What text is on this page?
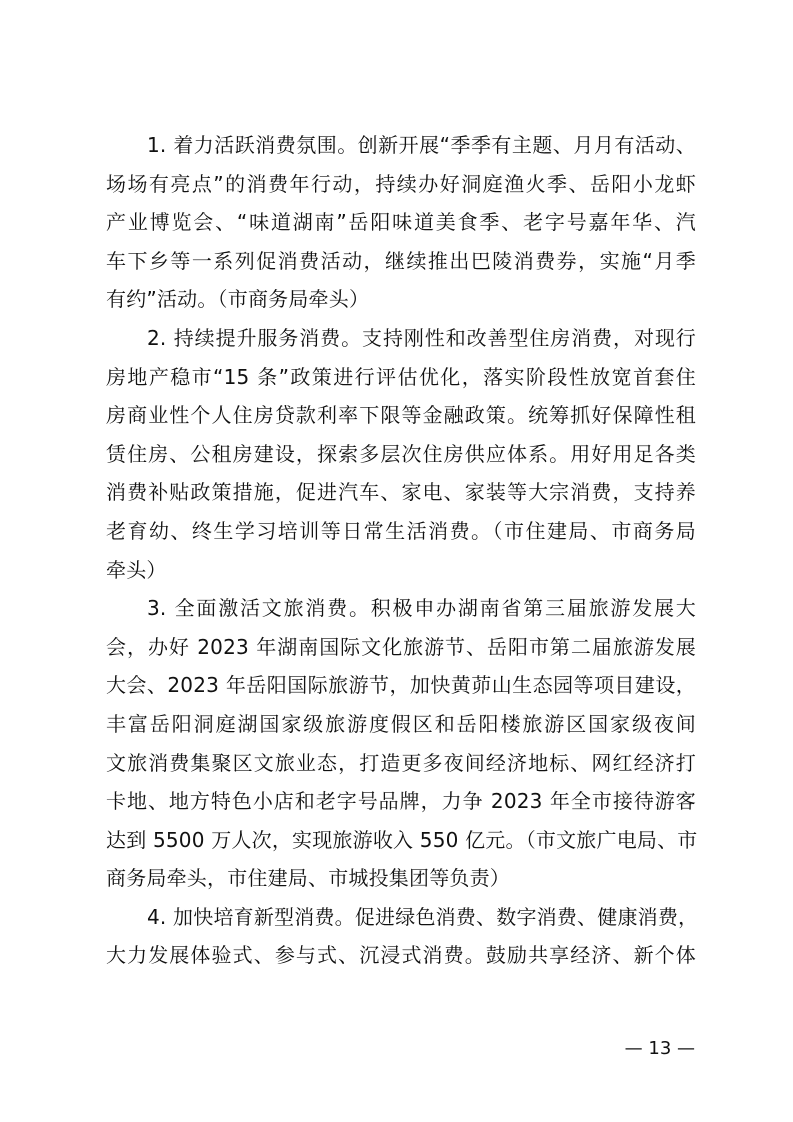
1. 着力活跃消费氛围。创新开展“季季有主题、月月有活动、
场场有亮点”的消费年行动，持续办好洞庭渔火季、岳阳小龙虾
产业博览会、“味道湖南”岳阳味道美食季、老字号嘉年华、汽
车下乡等一系列促消费活动，继续推出巴陵消费券，实施“月季
有约”活动。（市商务局牵头）
2. 持续提升服务消费。支持刚性和改善型住房消费，对现行
房地产稳市“15 条”政策进行评估优化，落实阶段性放宽首套住
房商业性个人住房贷款利率下限等金融政策。统筹抓好保障性租
赁住房、公租房建设，探索多层次住房供应体系。用好用足各类
消费补贴政策措施，促进汽车、家电、家装等大宗消费，支持养
老育幼、终生学习培训等日常生活消费。（市住建局、市商务局
牵头）
3. 全面激活文旅消费。积极申办湖南省第三届旅游发展大
会，办好 2023 年湖南国际文化旅游节、岳阳市第二届旅游发展
大会、2023 年岳阳国际旅游节，加快黄茆山生态园等项目建设，
丰富岳阳洞庭湖国家级旅游度假区和岳阳楼旅游区国家级夜间
文旅消费集聚区文旅业态，打造更多夜间经济地标、网红经济打
卡地、地方特色小店和老字号品牌，力争 2023 年全市接待游客
达到 5500 万人次，实现旅游收入 550 亿元。（市文旅广电局、市
商务局牵头，市住建局、市城投集团等负责）
4. 加快培育新型消费。促进绿色消费、数字消费、健康消费，
大力发展体验式、参与式、沉浸式消费。鼓励共享经济、新个体
— 13 —
